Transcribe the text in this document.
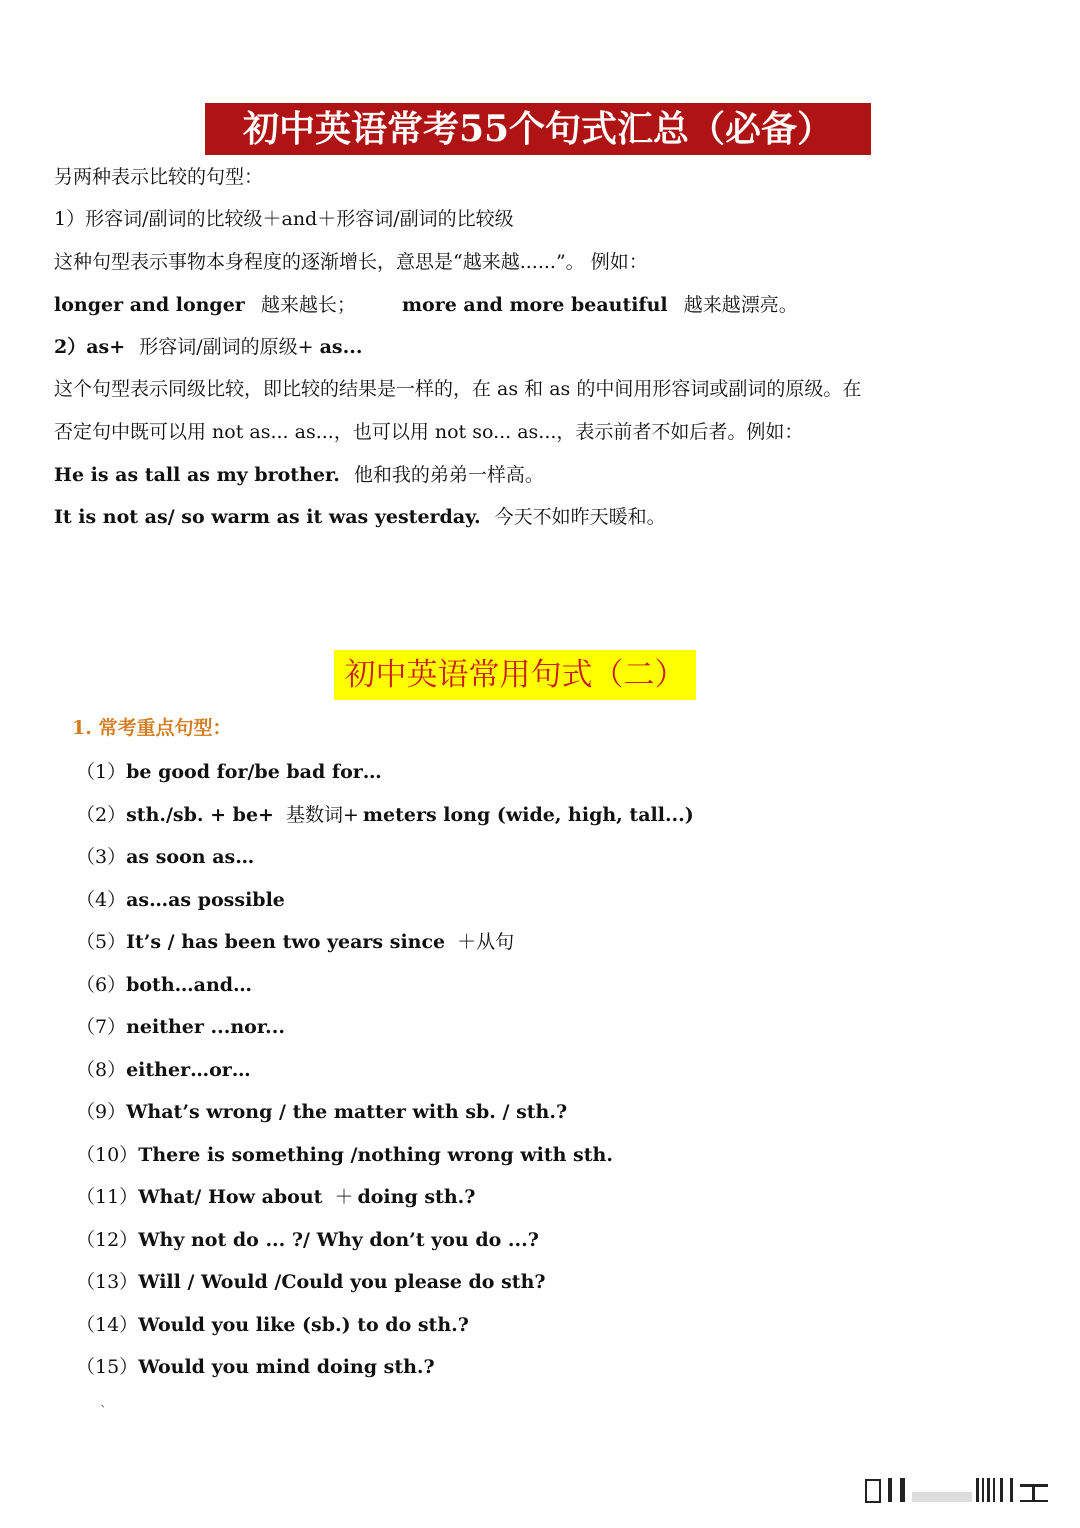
初中英语常考55个句式汇总（必备）
另两种表示比较的句型：
1）形容词/副词的比较级＋and＋形容词/副词的比较级
这种句型表示事物本身程度的逐渐增长，意思是“越来越......”。 例如：
longer and longer 越来越长； more and more beautiful 越来越漂亮。
2）as+ 形容词/副词的原级+ as...
这个句型表示同级比较，即比较的结果是一样的，在 as 和 as 的中间用形容词或副词的原级。在
否定句中既可以用 not as... as...，也可以用 not so... as...，表示前者不如后者。例如：
He is as tall as my brother. 他和我的弟弟一样高。
It is not as/ so warm as it was yesterday. 今天不如昨天暖和。
初中英语常用句式（二）
1. 常考重点句型：
（1）be good for/be bad for…
（2）sth./sb. + be+ 基数词+ meters long (wide, high, tall...)
（3）as soon as…
（4）as…as possible
（5）It’s / has been two years since ＋从句
（6）both…and…
（7）neither ...nor...
（8）either…or…
（9）What’s wrong / the matter with sb. / sth.?
（10）There is something /nothing wrong with sth.
（11）What/ How about ＋ doing sth.?
（12）Why not do ... ?/ Why don’t you do ...?
（13）Will / Would /Could you please do sth?
（14）Would you like (sb.) to do sth.?
（15）Would you mind doing sth.?
`
